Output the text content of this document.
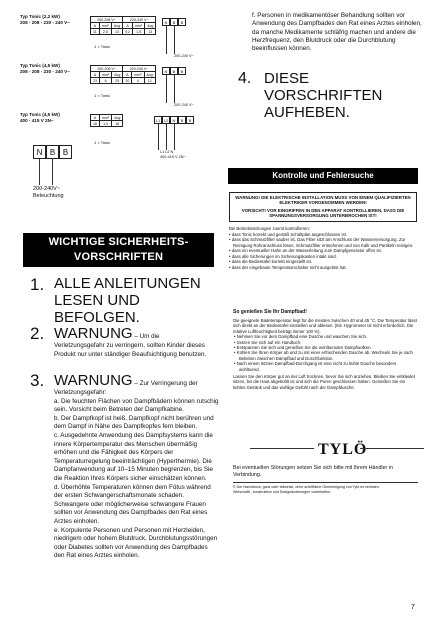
Typ Tonic (2,2 kW)
208 - 208 - 230 - 240 V~
200-208 V~			220-240 V~		
A	mm²	Avg	A	mm²	Avg
11	2,5	13	9,2	1,5	13
N	B	B
1 = Tonic
200-240 V~
Typ Tonic (4,5 kW)
208 - 208 - 230 - 240 V~
200-208 V~			220-240 V~		
A	mm²	Avg	A	mm²	Avg
23	6	25	20	4	12
N	B	B
1 = Tonic
200-240 V~
Typ Tonic (4,5 kW)
400 - 415 V 2N~
A	mm²	Avg
16	1,5	16
L1 L2	N	B	B
1 = Tonic
L1 L2 N
400-415 V 2N~
N B B
200-240V~
Beleuchtung
WICHTIGE SICHERHEITS-
VORSCHRIFTEN
1. ALLE ANLEITUNGEN LESEN UND BEFOLGEN.
2. WARNUNG – Um die
Verletzungsgefahr zu verringern, sollten Kinder dieses Produkt nur unter ständiger Beaufsichtigung benutzen.
3. WARNUNG – Zur Verringerung der
Verletzungsgefahr:
a. Die feuchten Flächen von Dampfbädern können rutschig sein. Vorsicht beim Betreten der Dampfkabine.
b. Der Dampfkopf ist heiß. Dampfkopf nicht berühren und dem Dampf in Nähe des Dampfkopfes fern bleiben.
c. Ausgedehnte Anwendung des Dampfsystems kann die innere Körpertemperatur des Menschen übermäßig erhöhen und die Fähigkeit des Körpers der Temperaturregelung beeinträchtigen (Hyperthermie). Die Dampfanwendung auf 10–15 Minuten begrenzen, bis Sie die Reaktion Ihres Körpers sicher einschätzen können.
d. Überhöhte Temperaturen können dem Fötus während der ersten Schwangerschaftsmonate schaden. Schwangere oder möglicherweise schwangere Frauen sollten vor Anwendung des Dampfbades den Rat eines Arztes einholen.
e. Korpulente Personen und Personen mit Herzleiden, niedrigem oder hohem Blutdruck, Durchblutungsstörungen oder Diabetes sollten vor Anwendung des Dampfbades den Rat eines Arztes einholen.
f. Personen in medikamentöser Behandlung sollten vor Anwendung des Dampfbades den Rat eines Arztes einholen, da manche Medikamente schläfrig machen und andere die Herzfrequenz, den Blutdruck oder die Durchblutung beeinflussen können.
4. DIESE VORSCHRIFTEN AUFHEBEN.
Kontrolle und Fehlersuche
WARNUNG! DIE ELEKTRISCHE INSTALLATION MUSS VON EINEM QUALIFIZIERTEN ELEKTRIKER VORGENOMMEN WERDEN!
VORSICHT! VOR EINGRIFFEN IN DEN APPARAT KONTROLLIEREN, DASS DIE SPANNUNGSVERSORGUNG UNTERBROCHEN IST!
Bei Betriebsstörungen zuerst kontrollieren:
• dass Tonic korrekt und gemäß Schaltplan angeschlossen ist.
• dass das Schmutzfilter sauber ist. Das Filter sitzt am Anschluss der Wasserversorgung. Zur Reinigung Rohranschluss lösen, Schmutzfilter entnehmen und von Kalk und Partikeln reinigen.
• dass ein eventueller Hahn an der Wasserleitung zum Dampfgenerator offen ist.
• dass alle Sicherungen im Sicherungskasten intakt sind.
• dass die Bedientafel korrekt eingestellt ist.
• dass der eingebaute Temperaturschalter nicht ausgelöst hat.
So genießen Sie Ihr Dampfbad!
Die geeignete Badetemperatur liegt für die meisten zwischen 40 und 45 °C. Die Temperatur lässt sich direkt an der Bedientafel einstellen und ablesen. (Ein Hygrometer ist nicht erforderlich. Die relative Luftfeuchtigkeit beträgt immer 100 %).
• Nehmen Sie vor dem Dampfbad eine Dusche und waschen Sie sich.
• Setzen Sie sich auf ein Handtuch.
• Entspannen Sie sich und genießen Sie die wohltuenden Dampfwolken.
• Kühlen Sie Ihren Körper ab und zu mit einer erfrischenden Dusche ab. Wechseln Sie je nach Belieben zwischen Dampfbad und Duschfunktion.
• Nach einem letzten Dampfbad-Durchgang ist eine nicht zu kühle Dusche besonders wohltuend.
Lassen Sie den Körper gut an der Luft trocknen, bevor Sie sich anziehen. Bleiben Sie entkleidet sitzen, bis die Haut abgekühlt ist und sich die Poren geschlossen haben. Genießen Sie ein kühles Getränk und das wohlige Gefühl nach der Dampfdusche.
TYLÖ
Bei eventuellen Störungen setzen Sie sich bitte mit Ihrem Händler in Verbindung.
© Der Nachdruck, ganz oder teilweise, ohne schriftliche Genehmigung von Tylö ist verboten.
Wirtschaftl., konstruktive und Designänderungen vorbehalten.
7
